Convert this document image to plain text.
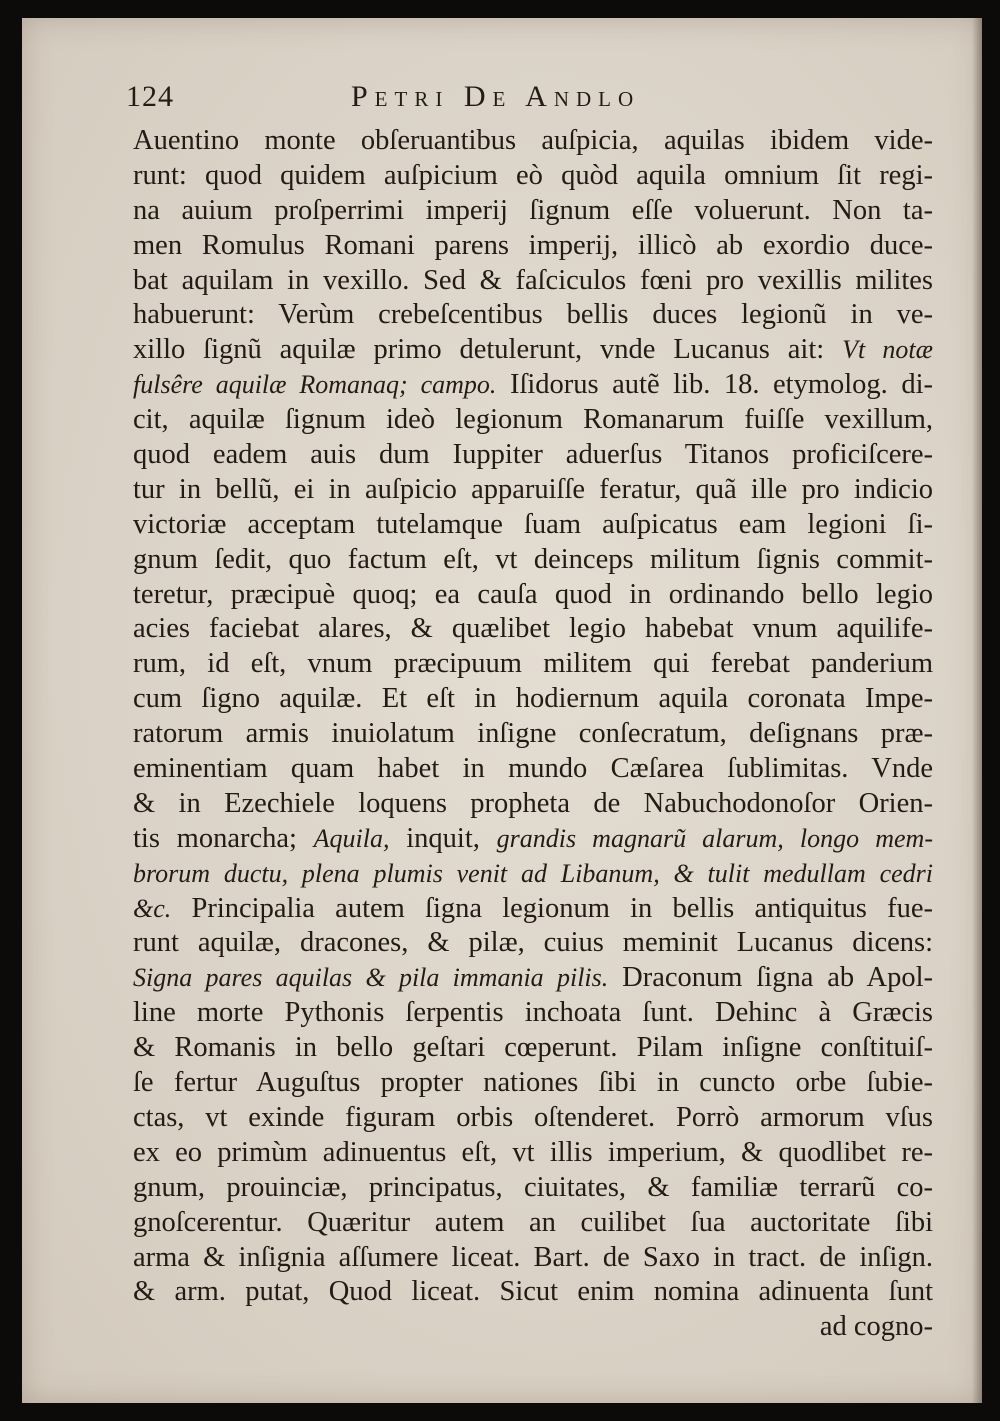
124	Petri De Andlo
Auentino monte obſeruantibus auſpicia, aquilas ibidem vide-
runt: quod quidem auſpicium eò quòd aquila omnium ſit regi-
na auium proſperrimi imperij ſignum eſſe voluerunt. Non ta-
men Romulus Romani parens imperij, illicò ab exordio duce-
bat aquilam in vexillo. Sed & faſciculos fœni pro vexillis milites
habuerunt: Verùm crebeſcentibus bellis duces legionũ in ve-
xillo ſignũ aquilæ primo detulerunt, vnde Lucanus ait: Vt notæ
fulsêre aquilæ Romanaq; campo. Iſidorus autẽ lib. 18. etymolog. di-
cit, aquilæ ſignum ideò legionum Romanarum fuiſſe vexillum,
quod eadem auis dum Iuppiter aduerſus Titanos proficiſcere-
tur in bellũ, ei in auſpicio apparuiſſe feratur, quã ille pro indicio
victoriæ acceptam tutelamque ſuam auſpicatus eam legioni ſi-
gnum ſedit, quo factum eſt, vt deinceps militum ſignis commit-
teretur, præcipuè quoq; ea cauſa quod in ordinando bello legio
acies faciebat alares, & quælibet legio habebat vnum aquilife-
rum, id eſt, vnum præcipuum militem qui ferebat panderium
cum ſigno aquilæ. Et eſt in hodiernum aquila coronata Impe-
ratorum armis inuiolatum inſigne conſecratum, deſignans præ-
eminentiam quam habet in mundo Cæſarea ſublimitas. Vnde
& in Ezechiele loquens propheta de Nabuchodonoſor Orien-
tis monarcha; Aquila, inquit, grandis magnarũ alarum, longo mem-
brorum ductu, plena plumis venit ad Libanum, & tulit medullam cedri
&c. Principalia autem ſigna legionum in bellis antiquitus fue-
runt aquilæ, dracones, & pilæ, cuius meminit Lucanus dicens:
Signa pares aquilas & pila immania pilis. Draconum ſigna ab Apol-
line morte Pythonis ſerpentis inchoata ſunt. Dehinc à Græcis
& Romanis in bello geſtari cœperunt. Pilam inſigne conſtituiſ-
ſe fertur Auguſtus propter nationes ſibi in cuncto orbe ſubie-
ctas, vt exinde figuram orbis oſtenderet. Porrò armorum vſus
ex eo primùm adinuentus eſt, vt illis imperium, & quodlibet re-
gnum, prouinciæ, principatus, ciuitates, & familiæ terrarũ co-
gnoſcerentur. Quæritur autem an cuilibet ſua auctoritate ſibi
arma & inſignia aſſumere liceat. Bart. de Saxo in tract. de inſign.
& arm. putat, Quod liceat. Sicut enim nomina adinuenta ſunt
ad cogno-
